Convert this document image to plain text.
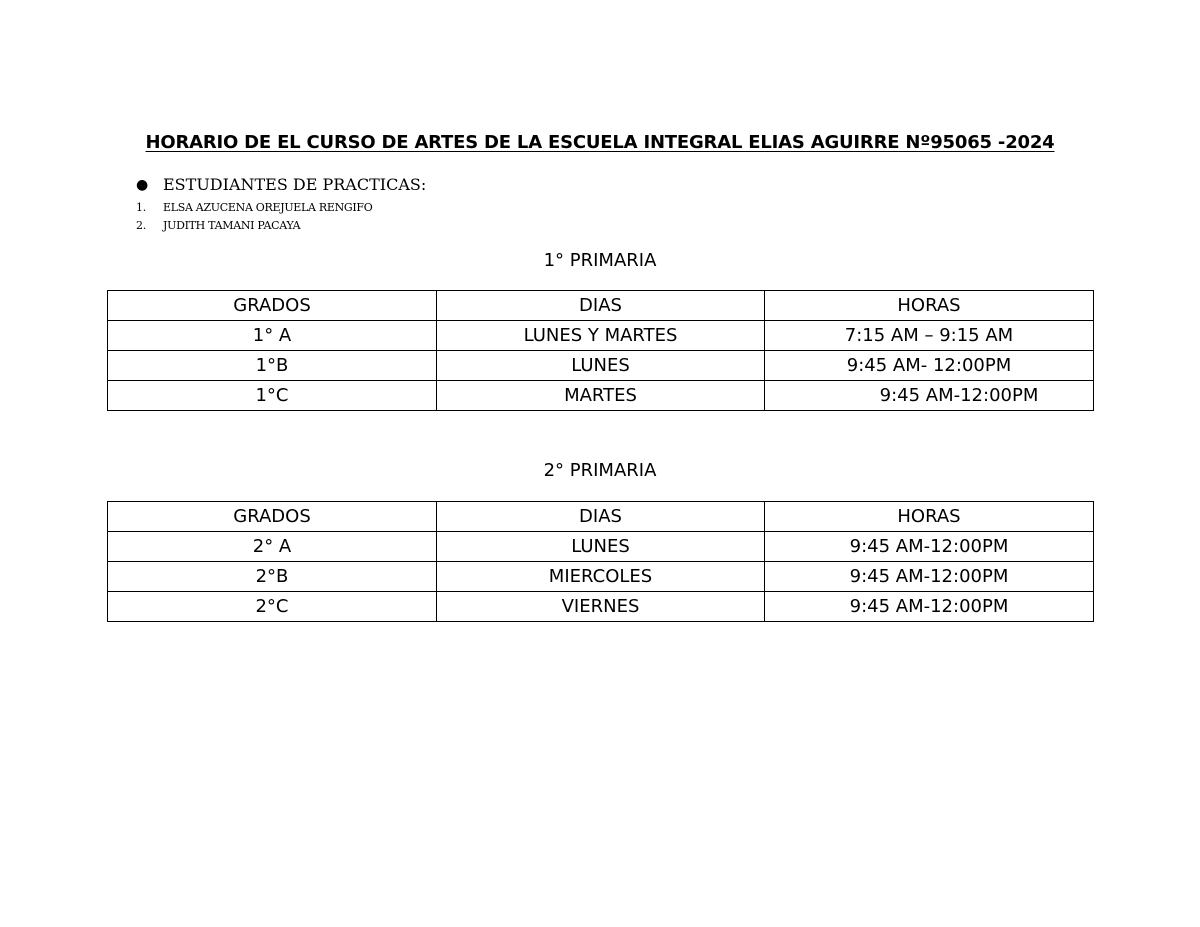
HORARIO DE EL CURSO DE ARTES DE LA ESCUELA INTEGRAL ELIAS AGUIRRE Nº95065 -2024
● ESTUDIANTES DE PRACTICAS:
1.	ELSA AZUCENA OREJUELA RENGIFO
2.	JUDITH TAMANI PACAYA
1° PRIMARIA
GRADOS	DIAS	HORAS
1° A	LUNES Y MARTES	7:15 AM – 9:15 AM
1°B	LUNES	9:45 AM- 12:00PM
1°C	MARTES	9:45 AM-12:00PM
2° PRIMARIA
GRADOS	DIAS	HORAS
2° A	LUNES	9:45 AM-12:00PM
2°B	MIERCOLES	9:45 AM-12:00PM
2°C	VIERNES	9:45 AM-12:00PM
